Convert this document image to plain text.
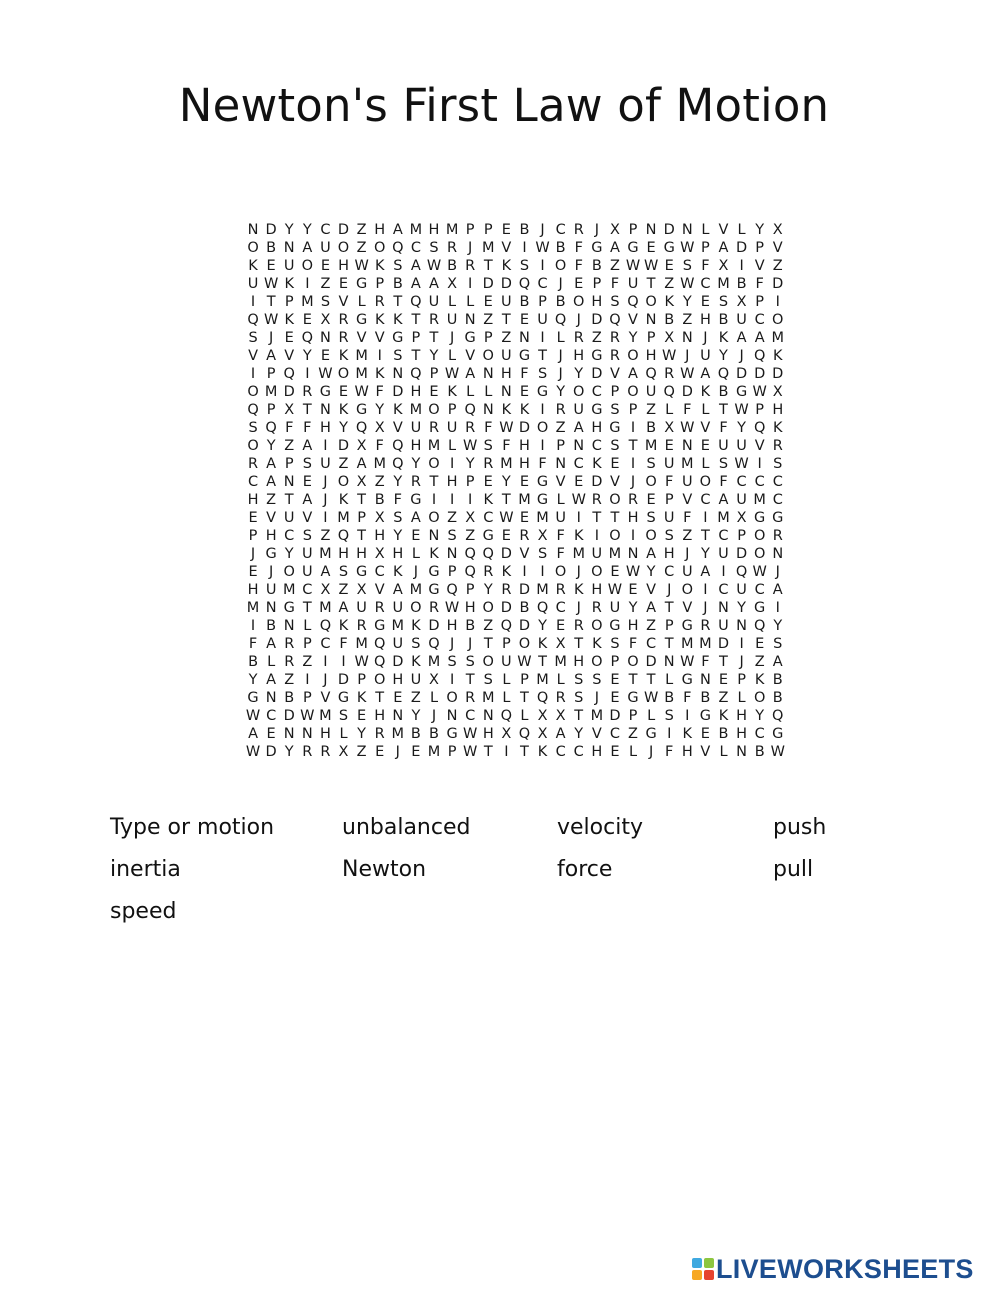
Newton's First Law of Motion
N D Y Y C D Z H A M H M P P E B J C R J X P N D N L V L Y X
O B N A U O Z O Q C S R J M V I W B F G A G E G W P A D P V
K E U O E H W K S A W B R T K S I O F B Z W W E S F X I V Z
U W K I Z E G P B A A X I D D Q C J E P F U T Z W C M B F D
I T P M S V L R T Q U L L E U B P B O H S Q O K Y E S X P I
Q W K E X R G K K T R U N Z T E U Q J D Q V N B Z H B U C O
S J E Q N R V V G P T J G P Z N I L R Z R Y P X N J K A A M
V A V Y E K M I S T Y L V O U G T J H G R O H W J U Y J Q K
I P Q I W O M K N Q P W A N H F S J Y D V A Q R W A Q D D D
O M D R G E W F D H E K L L N E G Y O C P O U Q D K B G W X
Q P X T N K G Y K M O P Q N K K I R U G S P Z L F L T W P H
S Q F F H Y Q X V U R U R F W D O Z A H G I B X W V F Y Q K
O Y Z A I D X F Q H M L W S F H I P N C S T M E N E U U V R
R A P S U Z A M Q Y O I Y R M H F N C K E I S U M L S W I S
C A N E J O X Z Y R T H P E Y E G V E D V J O F U O F C C C
H Z T A J K T B F G I I I K T M G L W R O R E P V C A U M C
E V U V I M P X S A O Z X C W E M U I T T H S U F I M X G G
P H C S Z Q T H Y E N S Z G E R X F K I O I O S Z T C P O R
J G Y U M H H X H L K N Q Q D V S F M U M N A H J Y U D O N
E J O U A S G C K J G P Q R K I I O J O E W Y C U A I Q W J
H U M C X Z X V A M G Q P Y R D M R K H W E V J O I C U C A
M N G T M A U R U O R W H O D B Q C J R U Y A T V J N Y G I
I B N L Q K R G M K D H B Z Q D Y E R O G H Z P G R U N Q Y
F A R P C F M Q U S Q J J T P O K X T K S F C T M M D I E S
B L R Z I I W Q D K M S S O U W T M H O P O D N W F T J Z A
Y A Z I J D P O H U X I T S L P M L S S E T T L G N E P K B
G N B P V G K T E Z L O R M L T Q R S J E G W B F B Z L O B
W C D W M S E H N Y J N C N Q L X X T M D P L S I G K H Y Q
A E N N H L Y R M B B G W H X Q X A Y V C Z G I K E B H C G
W D Y R R X Z E J E M P W T I T K C C H E L J F H V L N B W
Type or motion	unbalanced	velocity	push
inertia	Newton	force	pull
speed
LIVEWORKSHEETS
